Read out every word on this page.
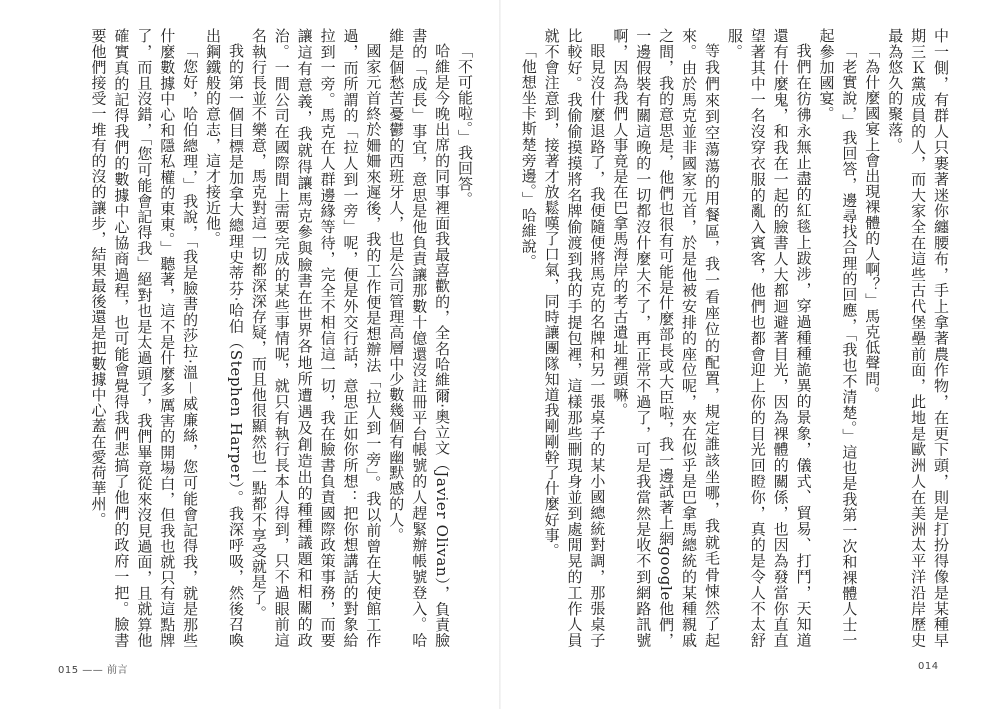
「不可能啦。」我回答。

哈維是今晚出席的同事裡面我最喜歡的，全名哈維爾‧奧立文（Javier Olivan），負責臉書的「成長」事宜，意思是他負責讓那數十億還沒註冊平台帳號的人趕緊辦帳號登入。哈維是個愁苦憂鬱的西班牙人，也是公司管理高層中少數幾個有幽默感的人。

國家元首終於姍姍來遲後，我的工作便是想辦法「拉人到一旁」。我以前曾在大使館工作過，而所謂的「拉人到一旁」呢，便是外交行話，意思正如你所想：把你想講話的對象給拉到一旁。馬克在人群邊緣等待，完全不相信這一切，我在臉書負責國際政策事務，而要讓這有意義，我就得讓馬克參與臉書在世界各地所遭遇及創造出的種種議題和相關的政治。一間公司在國際間上需要完成的某些事情呢，就只有執行長本人得到，只不過眼前這名執行長並不樂意，馬克對這一切都深深存疑，而且他很顯然也一點都不享受就是了。

我的第一個目標是加拿大總理史蒂芬‧哈伯（Stephen Harper）。我深呼吸，然後召喚出鋼鐵般的意志，這才接近他。

「您好，哈伯總理，」我說，「我是臉書的莎拉‧溫－威廉絲，您可能會記得我，就是那些什麼數據中心和隱私權的東東。」聽著，這不是什麼多厲害的開場白，但我也就只有這點牌了，而且沒錯，「您可能會記得我」絕對也是太過頭了，我們畢竟從來沒見過面，且就算他確實真的記得我們的數據中心協商過程，也可能會覺得我們悲搞了他們的政府一把。臉書要他們接受一堆有的沒的讓步，結果最後還是把數據中心蓋在愛荷華州。	中一側，有群人只裹著迷你纏腰布，手上拿著農作物，在更下頭，則是打扮得像是某種早期三Ｋ黨成員的人，而大家全在這些古代堡壘前面，此地是歐洲人在美洲太平洋沿岸歷史最為悠久的聚落。

「為什麼國宴上會出現裸體的人啊？」馬克低聲問。

「老實說，」我回答，邊尋找合理的回應，「我也不清楚。」這也是我第一次和裸體人士一起參加國宴。

我們在彷彿永無止盡的紅毯上跋涉，穿過種種詭異的景象，儀式、貿易、打鬥，天知道還有什麼鬼，和我在一起的臉書人大都迴避著目光，因為裸體的關係，也因為發當你直直望著其中一名沒穿衣服的亂入賓客，他們也都會迎上你的目光回瞪你，真的是令人不太舒服。

等我們來到空蕩蕩的用餐區，我一看座位的配置，規定誰該坐哪，我就毛骨悚然了起來。由於馬克並非國家元首，於是他被安排的座位呢，夾在似乎是巴拿馬總統的某種親戚之間，我的意思是，他們也很有可能是什麼部長或大臣啦，我一邊試著上網google他們，一邊假裝有關這晚的一切都沒什麼大不了，再正常不過了，可是我當然是收不到網路訊號啊，因為我們人事竟是在巴拿馬海岸的考古遺址裡頭嘛。

眼見沒什麼退路了，我便隨便將馬克的名牌和另一張桌子的某小國總統對調，那張桌子比較好。我偷偷摸摸將名牌偷渡到我的手提包裡，這樣那些刪現身並到處閒晃的工作人員就不會注意到，接著才放鬆嘆了口氣，同時讓團隊知道我剛剛幹了什麼好事。

「他想坐卡斯楚旁邊。」哈維說。

015 —— 前言	014
